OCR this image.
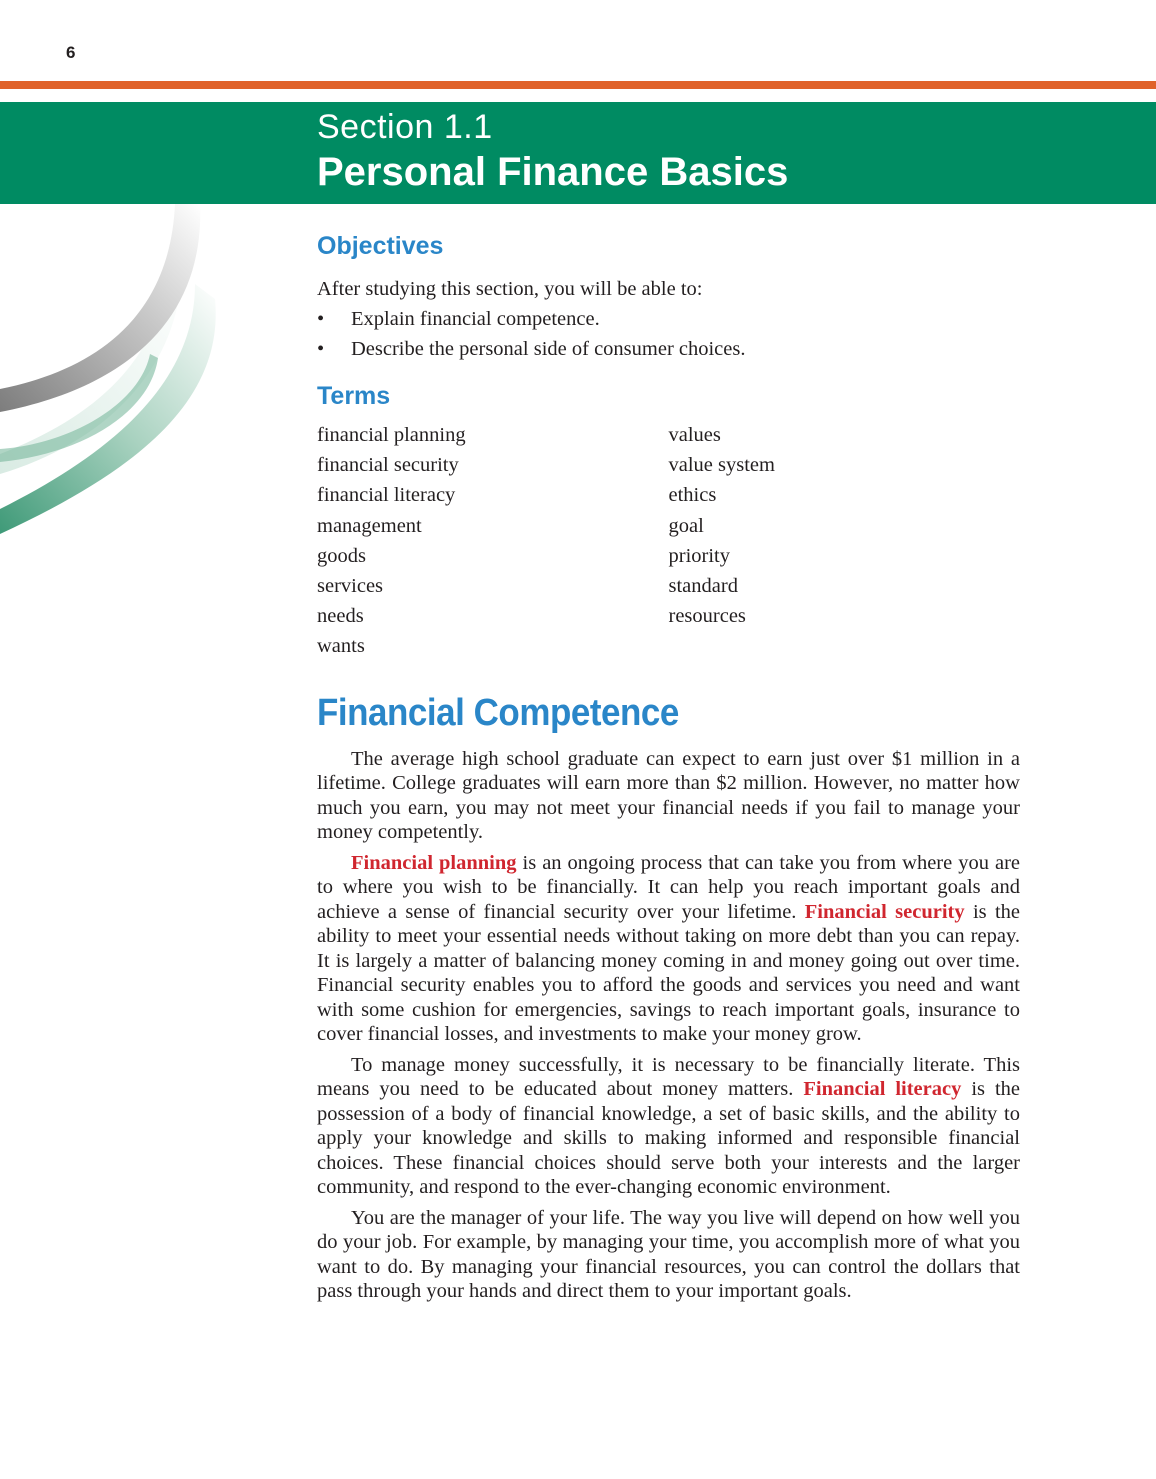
6
Section 1.1
Personal Finance Basics
Objectives

After studying this section, you will be able to:

• Explain financial competence.
• Describe the personal side of consumer choices.
Terms
financial planning
financial security
financial literacy
management
goods
services
needs
wants
values
value system
ethics
goal
priority
standard
resources
Financial Competence

The average high school graduate can expect to earn just over $1 million in a lifetime. College graduates will earn more than $2 million. However, no matter how much you earn, you may not meet your financial needs if you fail to manage your money competently.

Financial planning is an ongoing process that can take you from where you are to where you wish to be financially. It can help you reach important goals and achieve a sense of financial security over your lifetime. Financial security is the ability to meet your essential needs without taking on more debt than you can repay. It is largely a matter of balancing money coming in and money going out over time. Financial security enables you to afford the goods and services you need and want with some cushion for emergencies, savings to reach important goals, insurance to cover financial losses, and investments to make your money grow.

To manage money successfully, it is necessary to be financially literate. This means you need to be educated about money matters. Financial literacy is the possession of a body of financial knowledge, a set of basic skills, and the ability to apply your knowledge and skills to making informed and responsible financial choices. These financial choices should serve both your interests and the larger community, and respond to the ever-changing economic environment.

You are the manager of your life. The way you live will depend on how well you do your job. For example, by managing your time, you accomplish more of what you want to do. By managing your financial resources, you can control the dollars that pass through your hands and direct them to your important goals.
